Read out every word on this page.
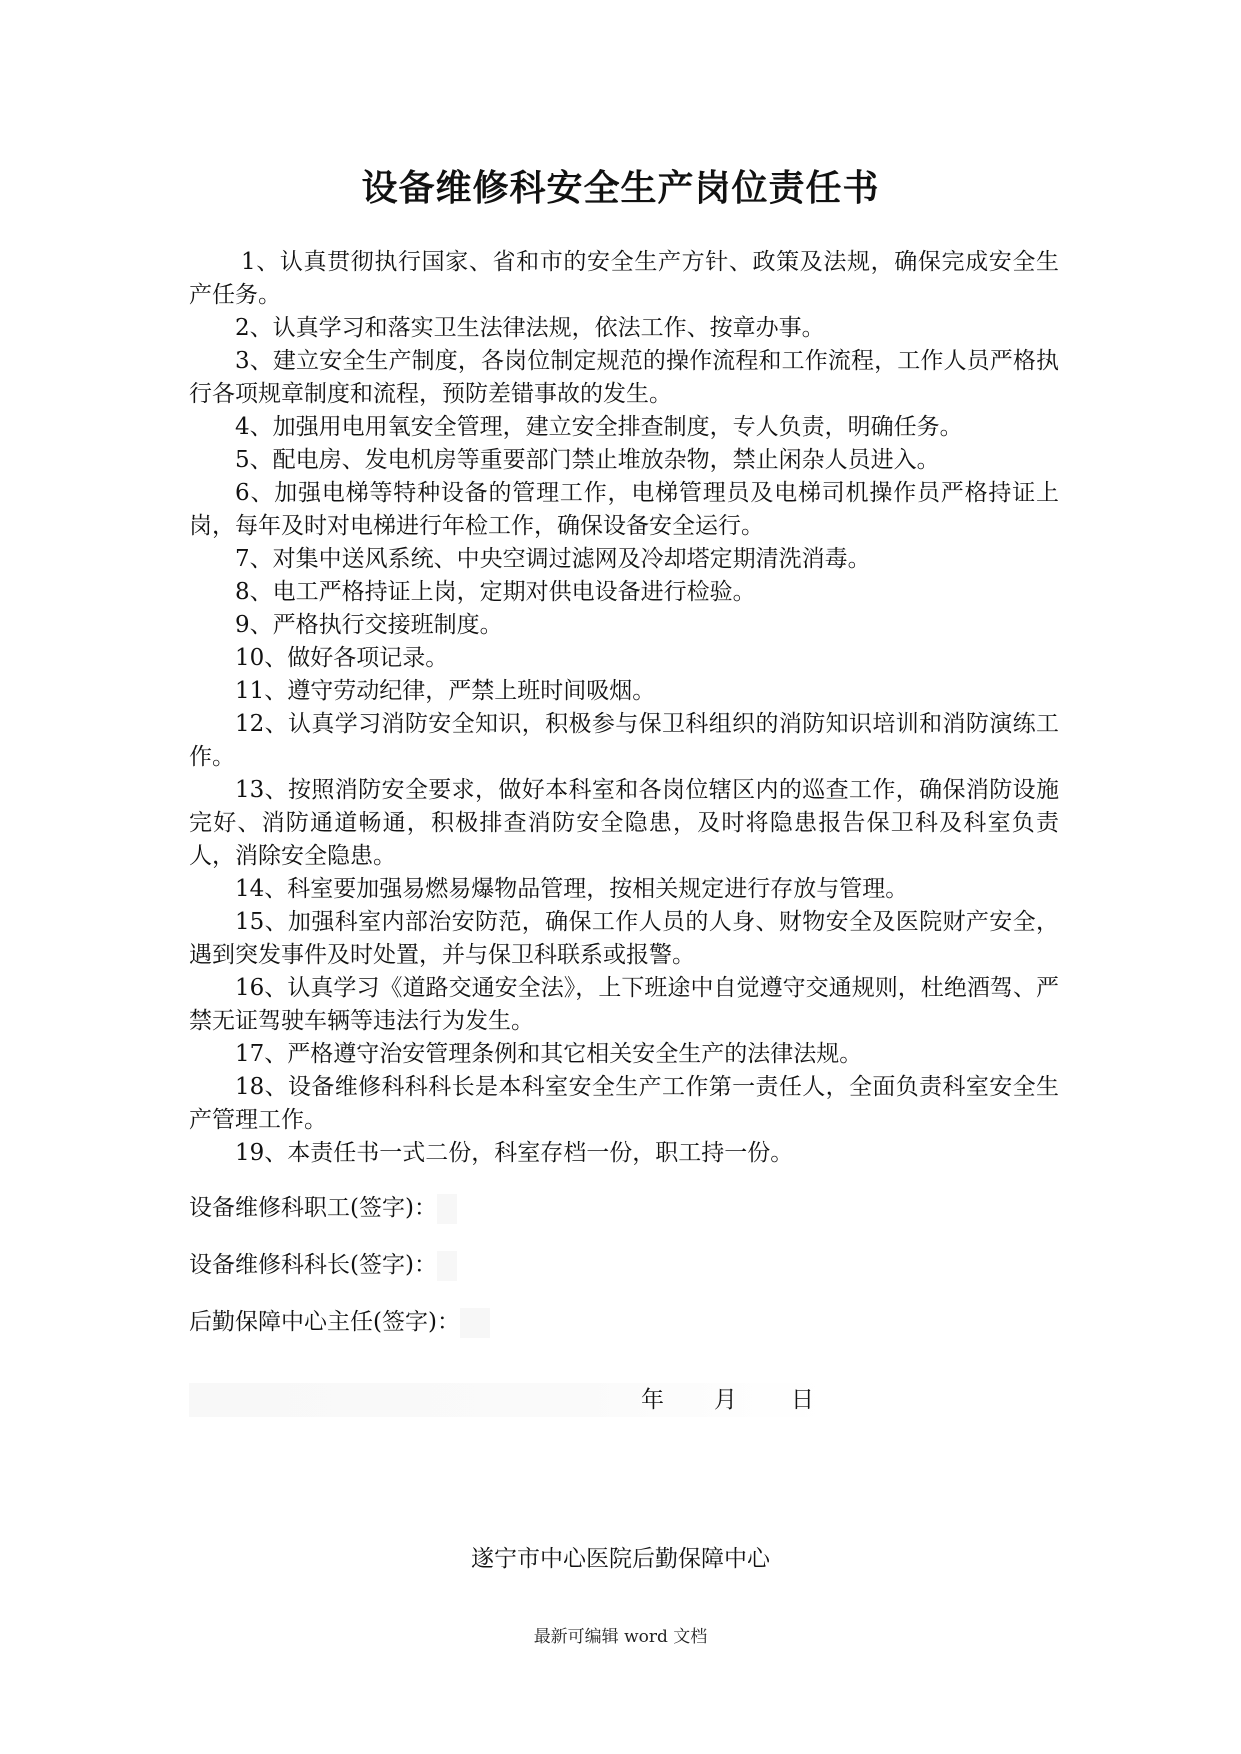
设备维修科安全生产岗位责任书

1、认真贯彻执行国家、省和市的安全生产方针、政策及法规，确保完成安全生产任务。

2、认真学习和落实卫生法律法规，依法工作、按章办事。

3、建立安全生产制度，各岗位制定规范的操作流程和工作流程，工作人员严格执行各项规章制度和流程，预防差错事故的发生。

4、加强用电用氧安全管理，建立安全排查制度，专人负责，明确任务。

5、配电房、发电机房等重要部门禁止堆放杂物，禁止闲杂人员进入。

6、加强电梯等特种设备的管理工作，电梯管理员及电梯司机操作员严格持证上岗，每年及时对电梯进行年检工作，确保设备安全运行。

7、对集中送风系统、中央空调过滤网及冷却塔定期清洗消毒。

8、电工严格持证上岗，定期对供电设备进行检验。

9、严格执行交接班制度。

10、做好各项记录。

11、遵守劳动纪律，严禁上班时间吸烟。

12、认真学习消防安全知识，积极参与保卫科组织的消防知识培训和消防演练工作。

13、按照消防安全要求，做好本科室和各岗位辖区内的巡查工作，确保消防设施完好、消防通道畅通，积极排查消防安全隐患，及时将隐患报告保卫科及科室负责人，消除安全隐患。

14、科室要加强易燃易爆物品管理，按相关规定进行存放与管理。

15、加强科室内部治安防范，确保工作人员的人身、财物安全及医院财产安全，遇到突发事件及时处置，并与保卫科联系或报警。

16、认真学习《道路交通安全法》，上下班途中自觉遵守交通规则，杜绝酒驾、严禁无证驾驶车辆等违法行为发生。

17、严格遵守治安管理条例和其它相关安全生产的法律法规。

18、设备维修科科科长是本科室安全生产工作第一责任人，全面负责科室安全生产管理工作。

19、本责任书一式二份，科室存档一份，职工持一份。

设备维修科职工(签字)：
设备维修科科长(签字)：
后勤保障中心主任(签字)：
年 月 日
遂宁市中心医院后勤保障中心
最新可编辑 word 文档
